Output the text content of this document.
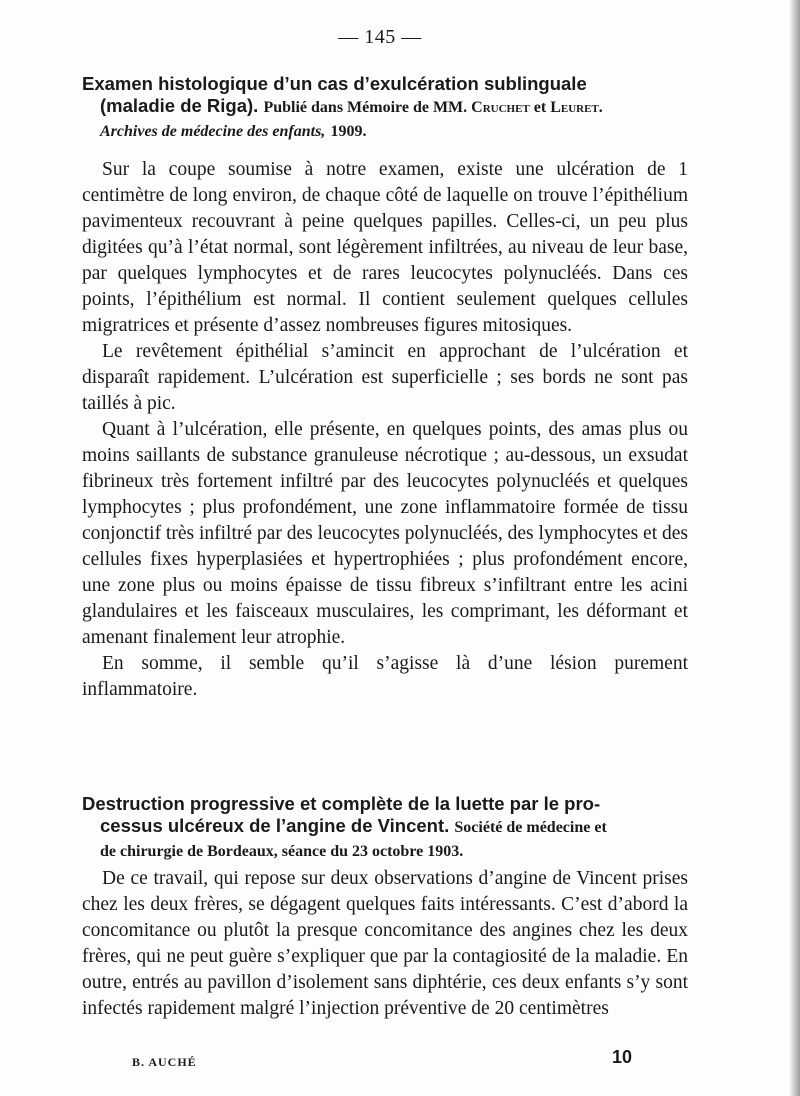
— 145 —

Examen histologique d’un cas d’exulcération sublinguale

(maladie de Riga). Publié dans Mémoire de MM. Cruchet et Leuret.
Archives de médecine des enfants, 1909.

Sur la coupe soumise à notre examen, existe une ulcération de 1 centimètre de long environ, de chaque côté de laquelle on trouve l’épithélium pavimenteux recouvrant à peine quelques papilles. Celles-ci, un peu plus digitées qu’à l’état normal, sont légèrement infiltrées, au niveau de leur base, par quelques lymphocytes et de rares leucocytes polynucléés. Dans ces points, l’épithélium est normal. Il contient seulement quelques cellules migratrices et présente d’assez nombreuses figures mitosiques.

Le revêtement épithélial s’amincit en approchant de l’ulcération et disparaît rapidement. L’ulcération est superficielle ; ses bords ne sont pas taillés à pic.

Quant à l’ulcération, elle présente, en quelques points, des amas plus ou moins saillants de substance granuleuse nécrotique ; au-dessous, un exsudat fibrineux très fortement infiltré par des leucocytes polynucléés et quelques lymphocytes ; plus profondément, une zone inflammatoire formée de tissu conjonctif très infiltré par des leucocytes polynucléés, des lymphocytes et des cellules fixes hyperplasiées et hypertrophiées ; plus profondément encore, une zone plus ou moins épaisse de tissu fibreux s’infiltrant entre les acini glandulaires et les faisceaux musculaires, les comprimant, les déformant et amenant finalement leur atrophie.

En somme, il semble qu’il s’agisse là d’une lésion purement inflammatoire.

Destruction progressive et complète de la luette par le pro-

cessus ulcéreux de l’angine de Vincent. Société de médecine et
de chirurgie de Bordeaux, séance du 23 octobre 1903.

De ce travail, qui repose sur deux observations d’angine de Vincent prises chez les deux frères, se dégagent quelques faits intéressants. C’est d’abord la concomitance ou plutôt la presque concomitance des angines chez les deux frères, qui ne peut guère s’expliquer que par la contagiosité de la maladie. En outre, entrés au pavillon d’isolement sans diphtérie, ces deux enfants s’y sont infectés rapidement malgré l’injection préventive de 20 centimètres

B. AUCHÉ	10
